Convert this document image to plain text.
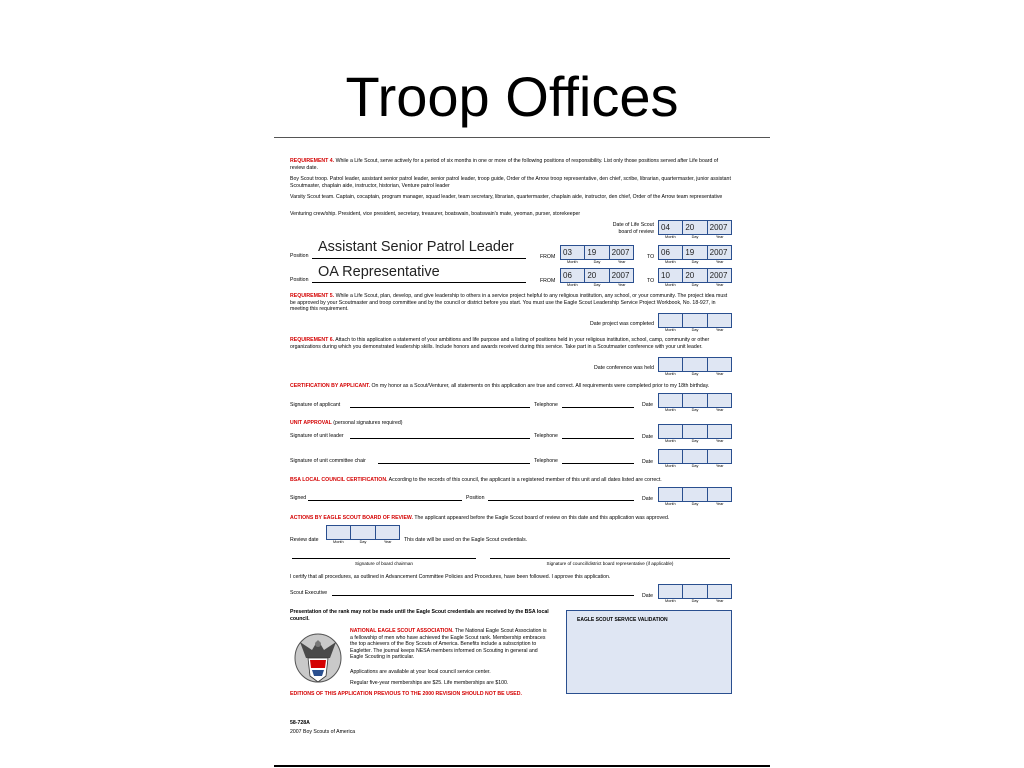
Troop Offices
REQUIREMENT 4. While a Life Scout, serve actively for a period of six months in one or more of the following positions of responsibility. List only those positions served after Life board of review date.
Boy Scout troop. Patrol leader, assistant senior patrol leader, senior patrol leader, troop guide, Order of the Arrow troop representative, den chief, scribe, librarian, quartermaster, junior assistant Scoutmaster, chaplain aide, instructor, historian, Venture patrol leader
Varsity Scout team. Captain, cocaptain, program manager, squad leader, team secretary, librarian, quartermaster, chaplain aide, instructor, den chief, Order of the Arrow team representative
Venturing crew/ship. President, vice president, secretary, treasurer, boatswain, boatswain's mate, yeoman, purser, storekeeper
Date of Life Scout
board of review 04	20	2007
Month	Day	Year
Position
Assistant Senior Patrol Leader
FROM 03	19	2007
Month	Day	Year
TO 06	19	2007
Month	Day	Year
Position OA Representative
FROM
06	20	2007
Month	Day	Year
TO
10	20	2007
Month	Day	Year
REQUIREMENT 5. While a Life Scout, plan, develop, and give leadership to others in a service project helpful to any religious institution, any school, or your community. The project idea must be approved by your Scoutmaster and troop committee and by the council or district before you start. You must use the Eagle Scout Leadership Service Project Workbook, No. 18-927, in meeting this requirement.
Date project was completed
Month	Day	Year
REQUIREMENT 6. Attach to this application a statement of your ambitions and life purpose and a listing of positions held in your religious institution, school, camp, community or other organizations during which you demonstrated leadership skills. Include honors and awards received during this service. Take part in a Scoutmaster conference with your unit leader.
Date conference was held
Month	Day	Year
CERTIFICATION BY APPLICANT. On my honor as a Scout/Venturer, all statements on this application are true and correct. All requirements were completed prior to my 18th birthday.
Signature of applicant	Telephone	Date
Month	Day	Year
UNIT APPROVAL (personal signatures required)
Signature of unit leader	Telephone	Date
Month	Day	Year
Signature of unit committee chair	Telephone	Date
Month	Day	Year
BSA LOCAL COUNCIL CERTIFICATION. According to the records of this council, the applicant is a registered member of this unit and all dates listed are correct.
Signed	Position	Date
Month	Day	Year
ACTIONS BY EAGLE SCOUT BOARD OF REVIEW. The applicant appeared before the Eagle Scout board of review on this date and this application was approved.
Review date	Month	Day	Year	This date will be used on the Eagle Scout credentials.
Signature of board chairman	Signature of council/district board representative (if applicable)
I certify that all procedures, as outlined in Advancement Committee Policies and Procedures, have been followed. I approve this application.
Scout Executive	Date
Month	Day	Year
Presentation of the rank may not be made until the Eagle Scout credentials are received by the BSA local council.
NATIONAL EAGLE SCOUT ASSOCIATION. The National Eagle Scout Association is a fellowship of men who have achieved the Eagle Scout rank. Membership embraces the top achievers of the Boy Scouts of America. Benefits include a subscription to Eagletter. The journal keeps NESA members informed on Scouting in general and Eagle Scouting in particular.
Applications are available at your local council service center.
Regular five-year memberships are $25. Life memberships are $100.
EDITIONS OF THIS APPLICATION PREVIOUS TO THE 2000 REVISION SHOULD NOT BE USED.
EAGLE SCOUT SERVICE VALIDATION
58-728A
2007 Boy Scouts of America
